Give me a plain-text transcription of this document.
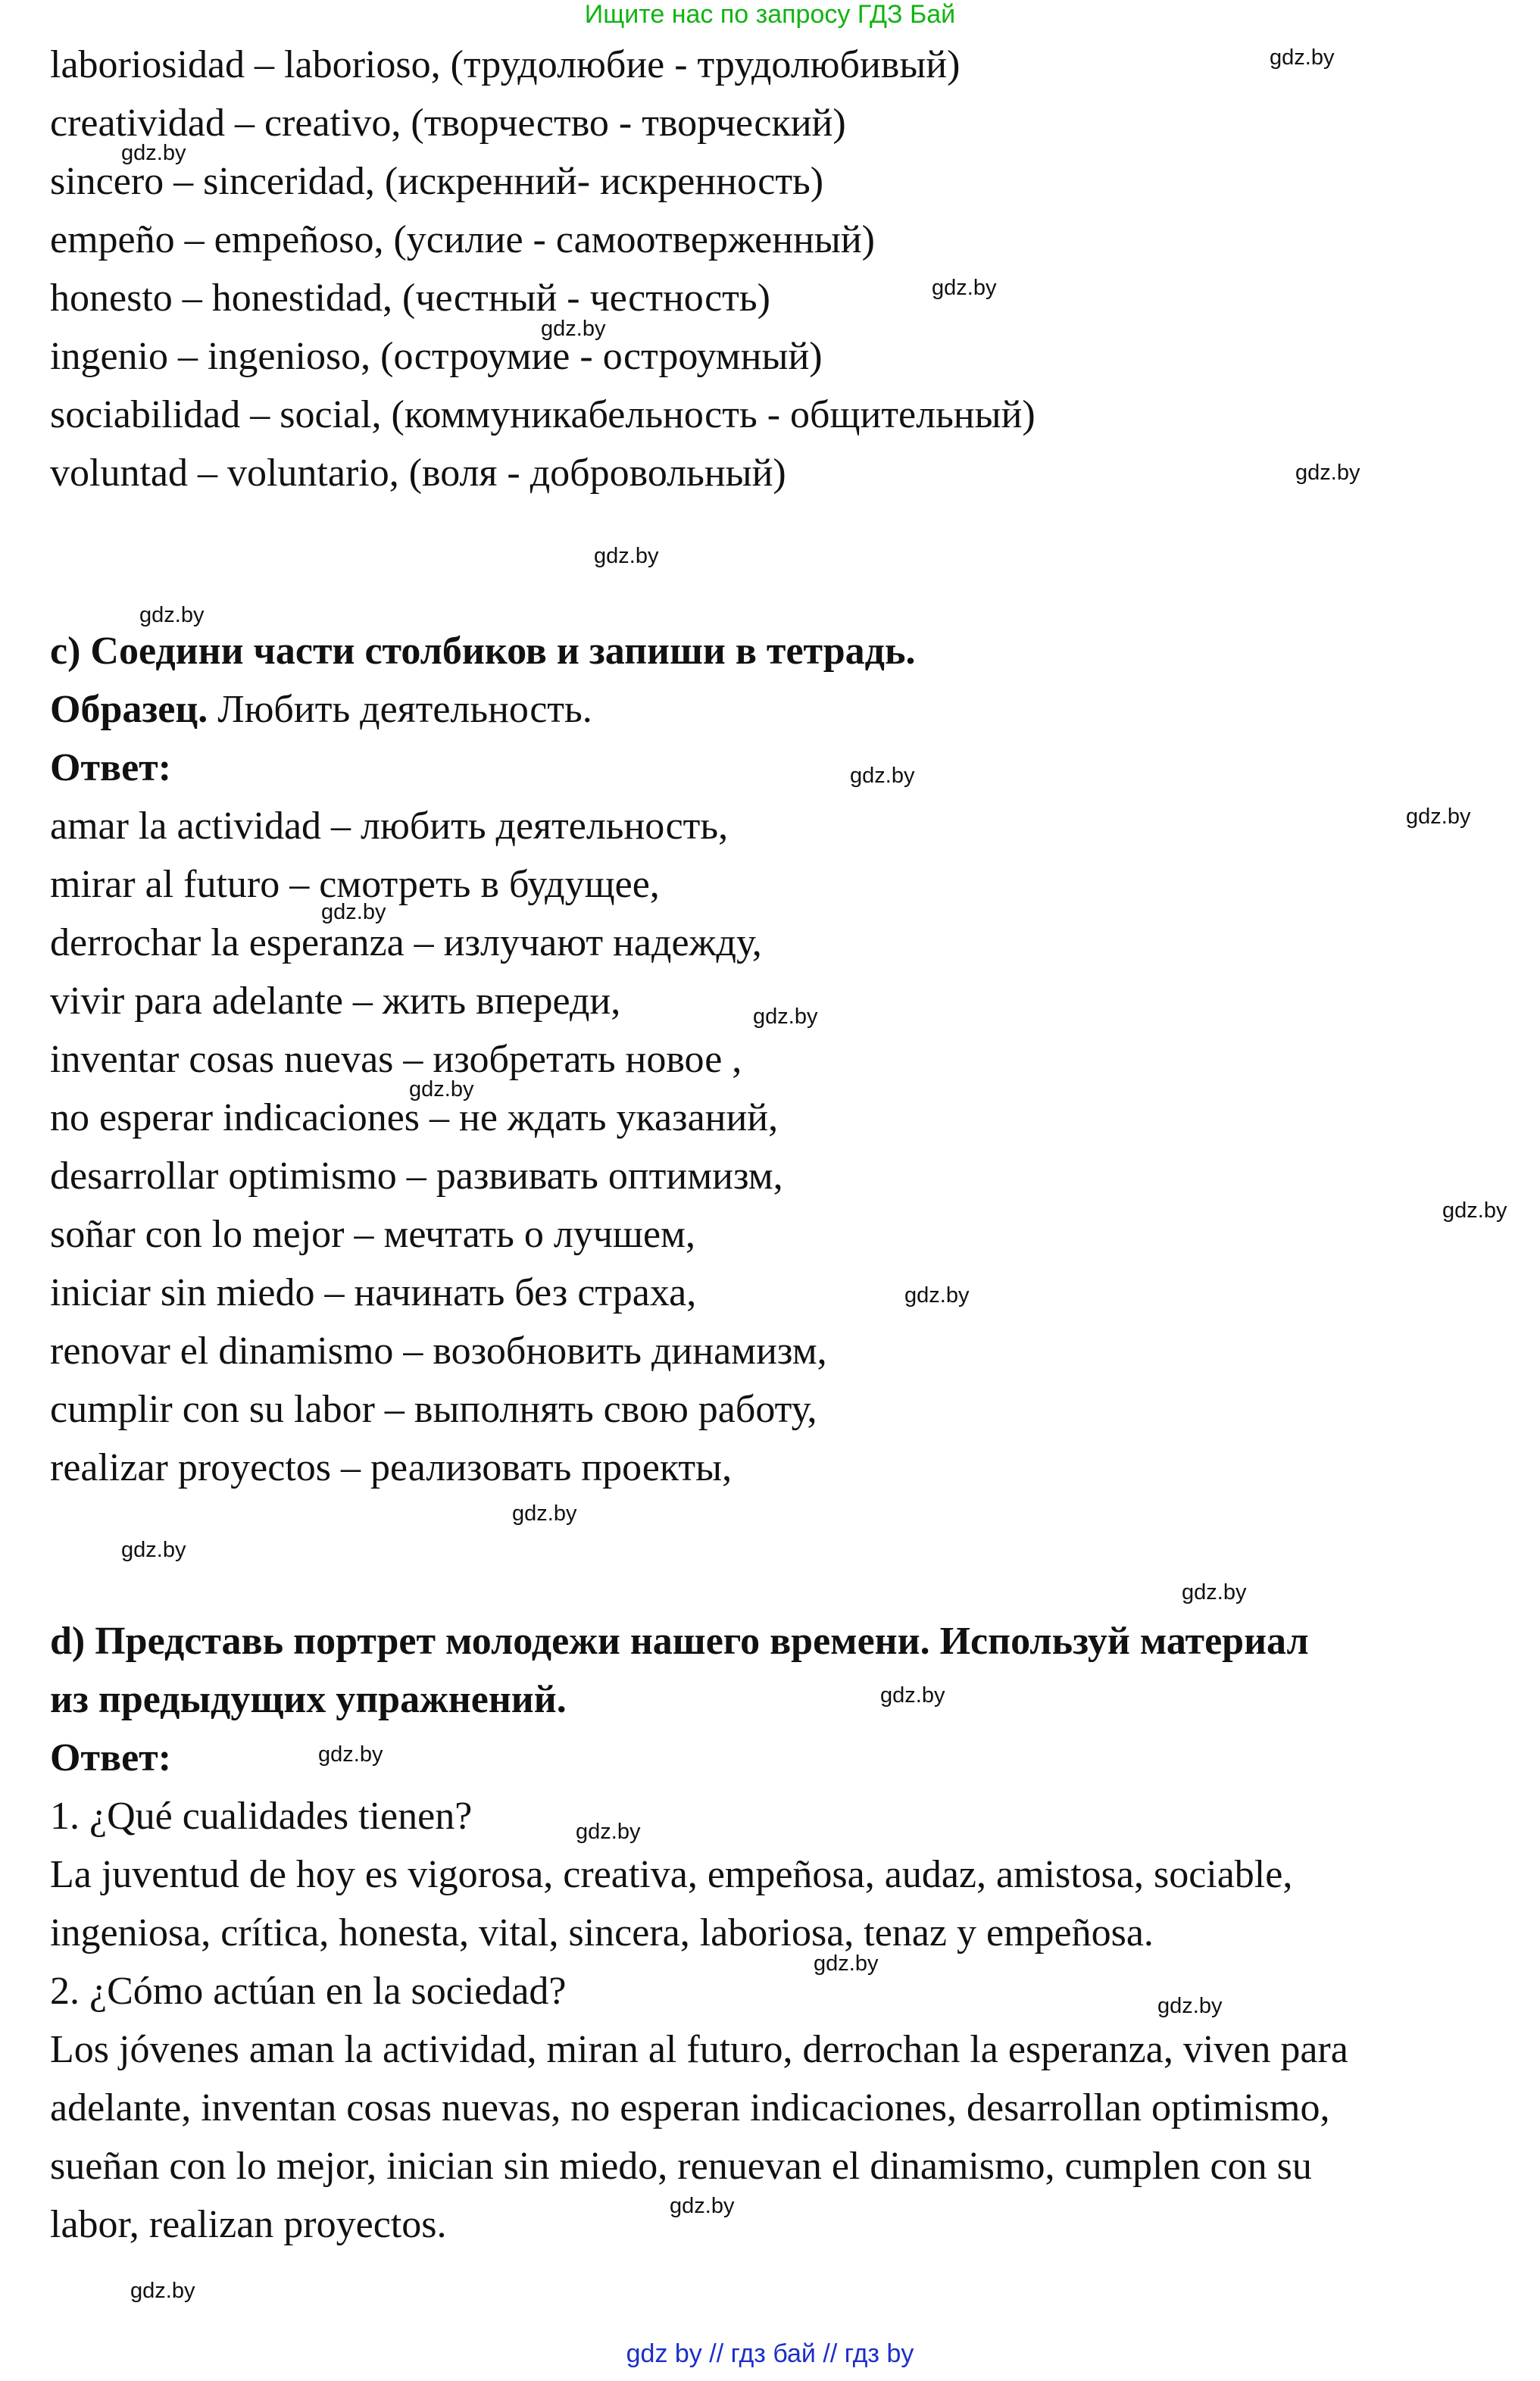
Ищите нас по запросу ГДЗ Бай
laboriosidad – laborioso, (трудолюбие - трудолюбивый)
creatividad – creativo, (творчество - творческий)
sincero – sinceridad, (искренний- искренность)
empeño – empeñoso, (усилие - самоотверженный)
honesto – honestidad, (честный - честность)
ingenio – ingenioso, (остроумие - остроумный)
sociabilidad – social, (коммуникабельность - общительный)
voluntad – voluntario, (воля - добровольный)
c) Соедини части столбиков и запиши в тетрадь.
Образец. Любить деятельность.
Ответ:
amar la actividad – любить деятельность,
mirar al futuro – смотреть в будущее,
derrochar la esperanza – излучают надежду,
vivir para adelante – жить впереди,
inventar cosas nuevas – изобретать новое ,
no esperar indicaciones – не ждать указаний,
desarrollar optimismo – развивать оптимизм,
soñar con lo mejor – мечтать о лучшем,
iniciar sin miedo – начинать без страха,
renovar el dinamismo – возобновить динамизм,
cumplir con su labor – выполнять свою работу,
realizar proyectos – реализовать проекты,
d) Представь портрет молодежи нашего времени. Используй материал
из предыдущих упражнений.
Ответ:
1. ¿Qué cualidades tienen?
La juventud de hoy es vigorosa, creativa, empeñosa, audaz, amistosa, sociable,
ingeniosa, crítica, honesta, vital, sincera, laboriosa, tenaz y empeñosa.
2. ¿Cómo actúan en la sociedad?
Los jóvenes aman la actividad, miran al futuro, derrochan la esperanza, viven para
adelante, inventan cosas nuevas, no esperan indicaciones, desarrollan optimismo,
sueñan con lo mejor, inician sin miedo, renuevan el dinamismo, cumplen con su
labor, realizan proyectos.
gdz.by
gdz.by
gdz.by
gdz.by
gdz.by
gdz.by
gdz.by
gdz.by
gdz.by
gdz.by
gdz.by
gdz.by
gdz.by
gdz.by
gdz.by
gdz.by
gdz.by
gdz.by
gdz.by
gdz.by
gdz.by
gdz.by
gdz.by
gdz.by
gdz by // гдз бай // гдз by
